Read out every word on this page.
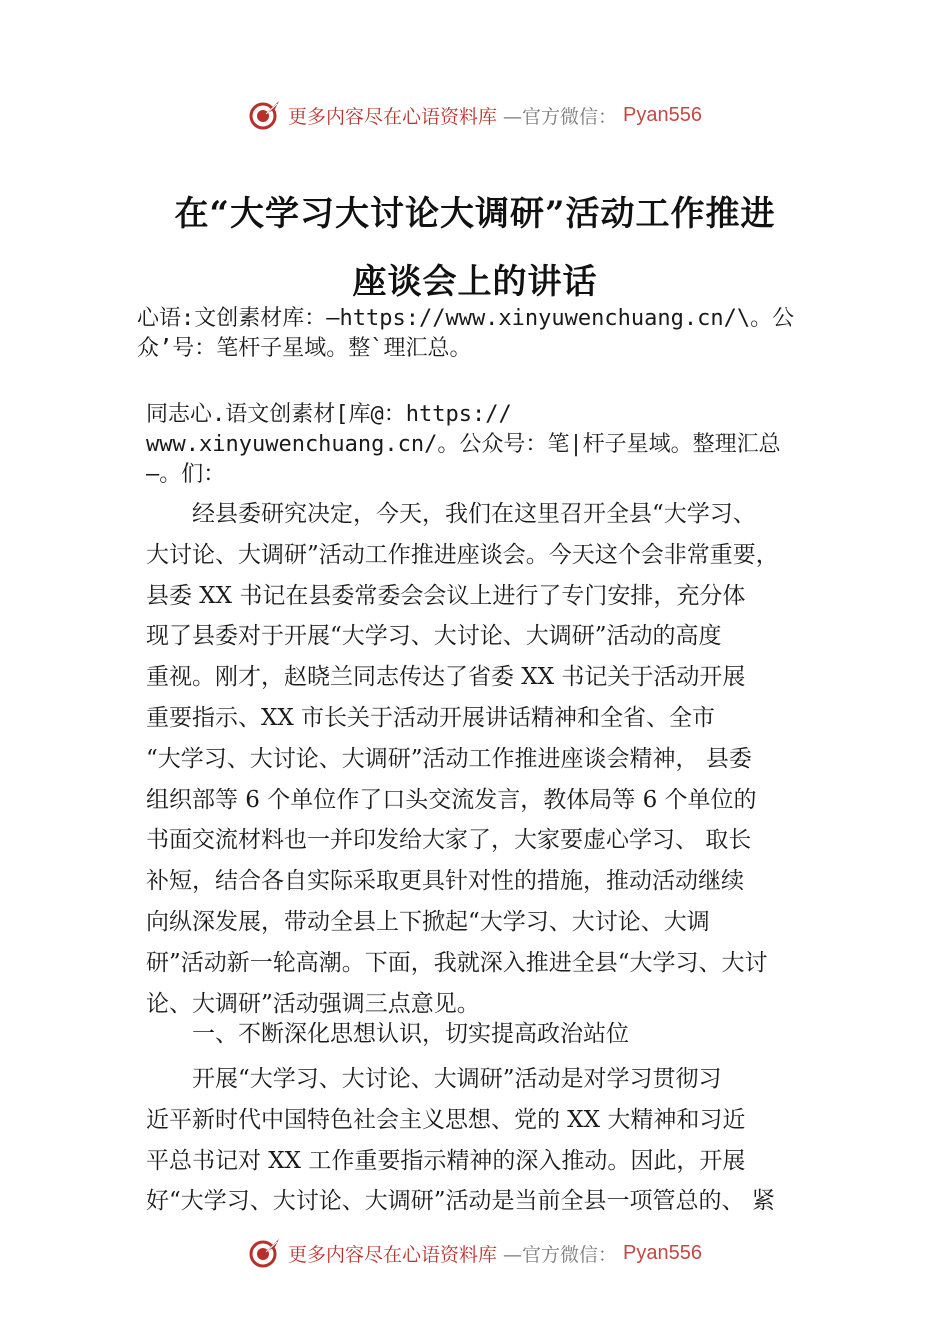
更多内容尽在心语资料库 —官方微信： Pyan556
在“大学习大讨论大调研”活动工作推进
座谈会上的讲话
心语:文创素材库：—https://www.xinyuwenchuang.cn/\。公
众’号：笔杆子星域。整`理汇总。
同志心.语文创素材[库@：https://
www.xinyuwenchuang.cn/。公众号：笔|杆子星域。整理汇总
—。们：
　　经县委研究决定，今天，我们在这里召开全县“大学习、
大讨论、大调研”活动工作推进座谈会。今天这个会非常重要，
县委 XX 书记在县委常委会会议上进行了专门安排，充分体
现了县委对于开展“大学习、大讨论、大调研”活动的高度
重视。刚才，赵晓兰同志传达了省委 XX 书记关于活动开展
重要指示、XX 市长关于活动开展讲话精神和全省、全市
“大学习、大讨论、大调研”活动工作推进座谈会精神， 县委
组织部等 6 个单位作了口头交流发言，教体局等 6 个单位的
书面交流材料也一并印发给大家了，大家要虚心学习、 取长
补短，结合各自实际采取更具针对性的措施，推动活动继续
向纵深发展，带动全县上下掀起“大学习、大讨论、大调
研”活动新一轮高潮。下面，我就深入推进全县“大学习、大讨
论、大调研”活动强调三点意见。
　　一、不断深化思想认识，切实提高政治站位
　　开展“大学习、大讨论、大调研”活动是对学习贯彻习
近平新时代中国特色社会主义思想、党的 XX 大精神和习近
平总书记对 XX 工作重要指示精神的深入推动。因此，开展
好“大学习、大讨论、大调研”活动是当前全县一项管总的、 紧
更多内容尽在心语资料库 —官方微信： Pyan556
